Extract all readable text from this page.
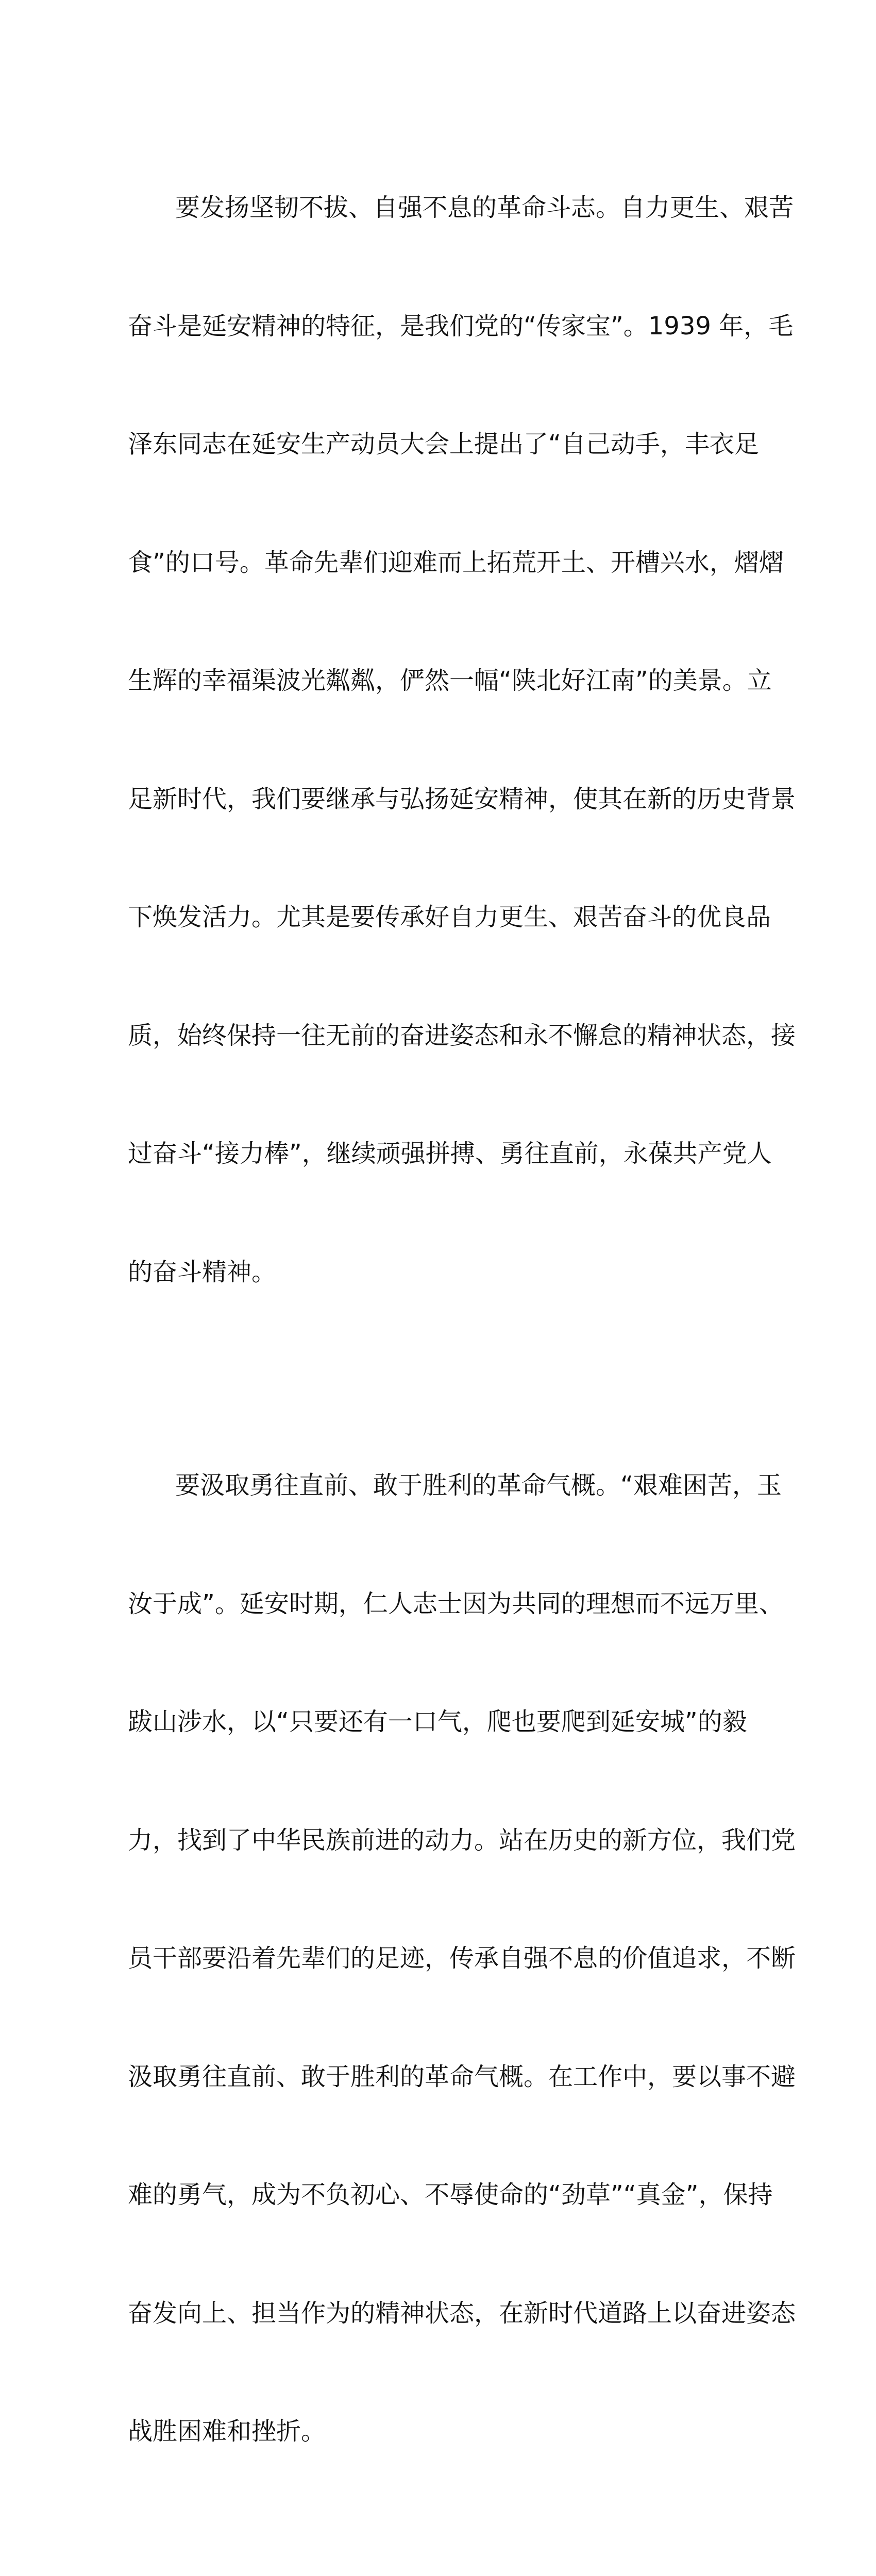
要发扬坚韧不拔、自强不息的革命斗志。自力更生、艰苦

奋斗是延安精神的特征，是我们党的“传家宝”。1939 年，毛

泽东同志在延安生产动员大会上提出了“自己动手，丰衣足

食”的口号。革命先辈们迎难而上拓荒开土、开槽兴水，熠熠

生辉的幸福渠波光粼粼，俨然一幅“陕北好江南”的美景。立

足新时代，我们要继承与弘扬延安精神，使其在新的历史背景

下焕发活力。尤其是要传承好自力更生、艰苦奋斗的优良品

质，始终保持一往无前的奋进姿态和永不懈怠的精神状态，接

过奋斗“接力棒”，继续顽强拼搏、勇往直前，永葆共产党人

的奋斗精神。

要汲取勇往直前、敢于胜利的革命气概。“艰难困苦，玉

汝于成”。延安时期，仁人志士因为共同的理想而不远万里、

跋山涉水，以“只要还有一口气，爬也要爬到延安城”的毅

力，找到了中华民族前进的动力。站在历史的新方位，我们党

员干部要沿着先辈们的足迹，传承自强不息的价值追求，不断

汲取勇往直前、敢于胜利的革命气概。在工作中，要以事不避

难的勇气，成为不负初心、不辱使命的“劲草”“真金”，保持

奋发向上、担当作为的精神状态，在新时代道路上以奋进姿态

战胜困难和挫折。
